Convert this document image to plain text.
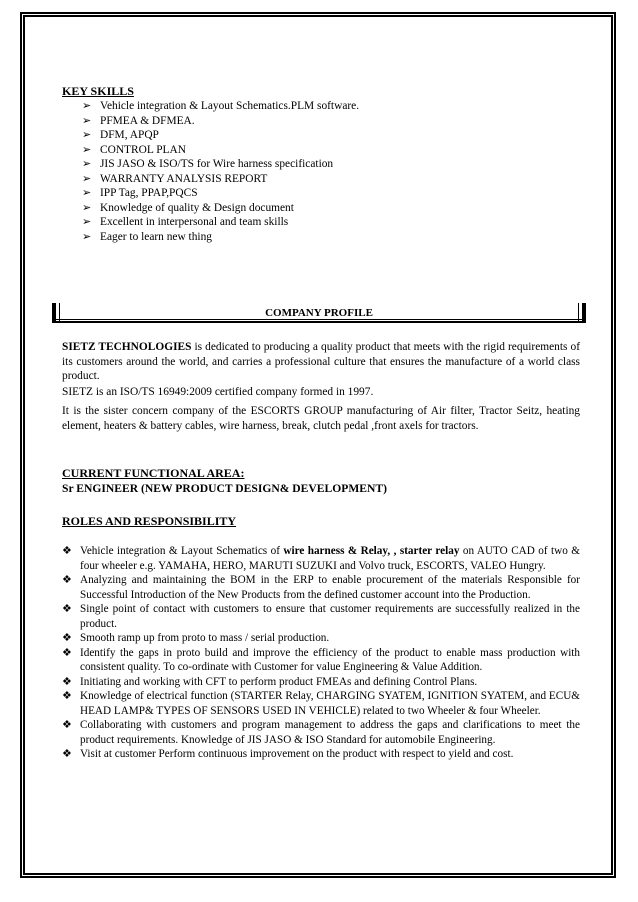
KEY SKILLS
➢ Vehicle integration & Layout Schematics.PLM software.
➢ PFMEA & DFMEA.
➢ DFM, APQP
➢ CONTROL PLAN
➢ JIS JASO & ISO/TS for Wire harness specification
➢ WARRANTY ANALYSIS REPORT
➢ IPP Tag, PPAP,PQCS
➢ Knowledge of quality & Design document
➢ Excellent in interpersonal and team skills
➢ Eager to learn new thing
COMPANY PROFILE
SIETZ TECHNOLOGIES is dedicated to producing a quality product that meets with the rigid requirements of its customers around the world, and carries a professional culture that ensures the manufacture of a world class product.
SIETZ is an ISO/TS 16949:2009 certified company formed in 1997.
It is the sister concern company of the ESCORTS GROUP manufacturing of Air filter, Tractor Seitz, heating element, heaters & battery cables, wire harness, break, clutch pedal ,front axels for tractors.
CURRENT FUNCTIONAL AREA:
Sr ENGINEER (NEW PRODUCT DESIGN& DEVELOPMENT)
ROLES AND RESPONSIBILITY
❖ Vehicle integration & Layout Schematics of wire harness & Relay, , starter relay on AUTO CAD of two & four wheeler e.g. YAMAHA, HERO, MARUTI SUZUKI and Volvo truck, ESCORTS, VALEO Hungry.
❖ Analyzing and maintaining the BOM in the ERP to enable procurement of the materials Responsible for Successful Introduction of the New Products from the defined customer account into the Production.
❖ Single point of contact with customers to ensure that customer requirements are successfully realized in the product.
❖ Smooth ramp up from proto to mass / serial production.
❖ Identify the gaps in proto build and improve the efficiency of the product to enable mass production with consistent quality. To co-ordinate with Customer for value Engineering & Value Addition.
❖ Initiating and working with CFT to perform product FMEAs and defining Control Plans.
❖ Knowledge of electrical function (STARTER Relay, CHARGING SYATEM, IGNITION SYATEM, and ECU& HEAD LAMP& TYPES OF SENSORS USED IN VEHICLE) related to two Wheeler & four Wheeler.
❖ Collaborating with customers and program management to address the gaps and clarifications to meet the product requirements. Knowledge of JIS JASO & ISO Standard for automobile Engineering.
❖ Visit at customer Perform continuous improvement on the product with respect to yield and cost.
